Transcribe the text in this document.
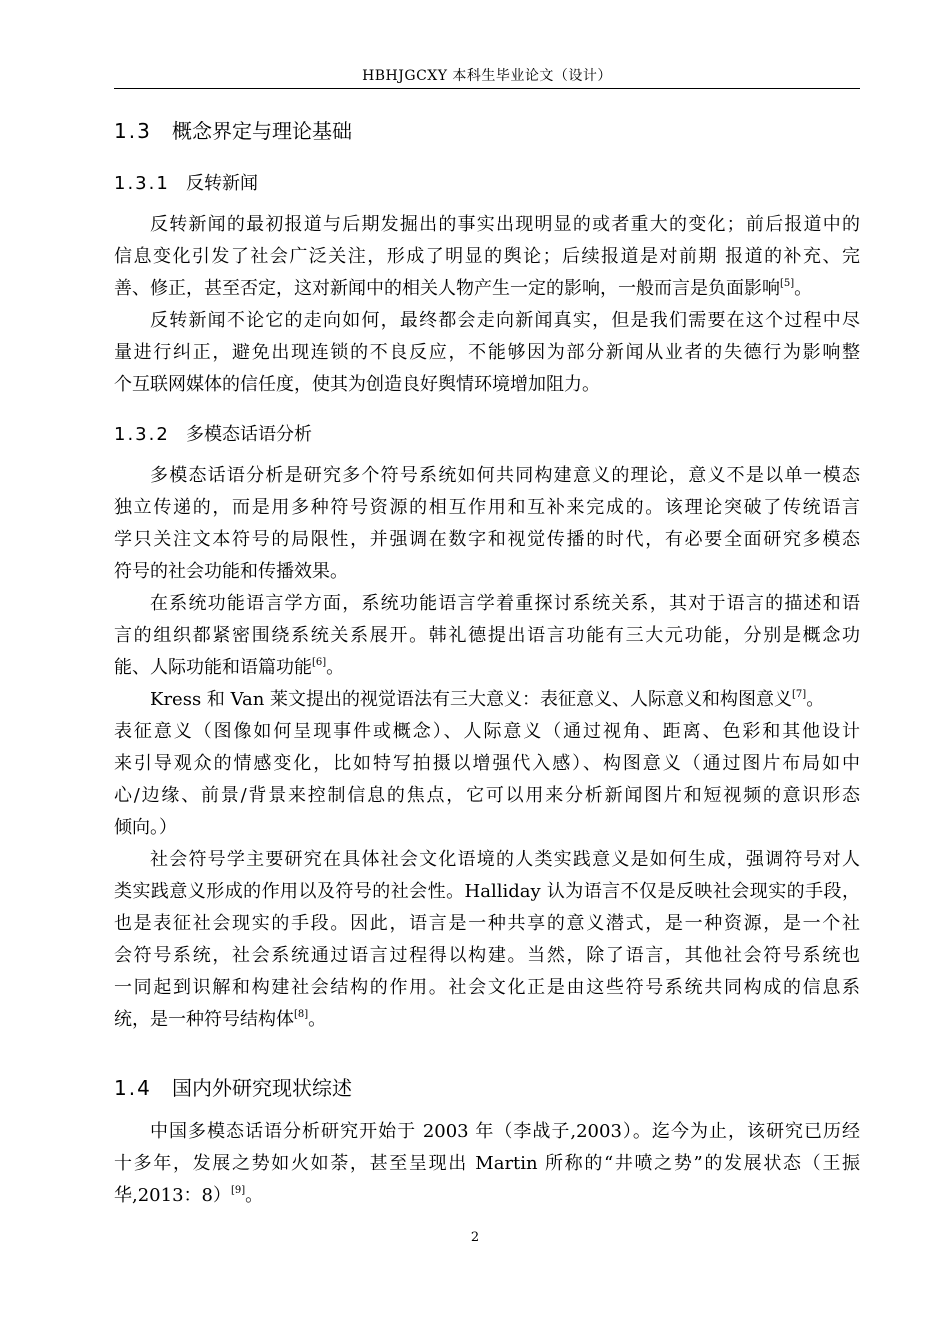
HBHJGCXY 本科生毕业论文（设计）
1.3 概念界定与理论基础
1.3.1 反转新闻
反转新闻的最初报道与后期发掘出的事实出现明显的或者重大的变化；前后报道中的
信息变化引发了社会广泛关注，形成了明显的舆论；后续报道是对前期 报道的补充、完
善、修正，甚至否定，这对新闻中的相关人物产生一定的影响，一般而言是负面影响[5]。
反转新闻不论它的走向如何，最终都会走向新闻真实，但是我们需要在这个过程中尽
量进行纠正，避免出现连锁的不良反应，不能够因为部分新闻从业者的失德行为影响整
个互联网媒体的信任度，使其为创造良好舆情环境增加阻力。
1.3.2 多模态话语分析
多模态话语分析是研究多个符号系统如何共同构建意义的理论，意义不是以单一模态
独立传递的，而是用多种符号资源的相互作用和互补来完成的。该理论突破了传统语言
学只关注文本符号的局限性，并强调在数字和视觉传播的时代，有必要全面研究多模态
符号的社会功能和传播效果。
在系统功能语言学方面，系统功能语言学着重探讨系统关系，其对于语言的描述和语
言的组织都紧密围绕系统关系展开。韩礼德提出语言功能有三大元功能，分别是概念功
能、人际功能和语篇功能[6]。
Kress 和 Van 莱文提出的视觉语法有三大意义：表征意义、人际意义和构图意义[7]。
表征意义（图像如何呈现事件或概念）、人际意义（通过视角、距离、色彩和其他设计
来引导观众的情感变化，比如特写拍摄以增强代入感）、构图意义（通过图片布局如中
心/边缘、前景/背景来控制信息的焦点，它可以用来分析新闻图片和短视频的意识形态
倾向。）
社会符号学主要研究在具体社会文化语境的人类实践意义是如何生成，强调符号对人
类实践意义形成的作用以及符号的社会性。Halliday 认为语言不仅是反映社会现实的手段，
也是表征社会现实的手段。因此，语言是一种共享的意义潜式，是一种资源，是一个社
会符号系统，社会系统通过语言过程得以构建。当然，除了语言，其他社会符号系统也
一同起到识解和构建社会结构的作用。社会文化正是由这些符号系统共同构成的信息系
统，是一种符号结构体[8]。
1.4 国内外研究现状综述
中国多模态话语分析研究开始于 2003 年（李战子,2003）。迄今为止，该研究已历经
十多年，发展之势如火如荼，甚至呈现出 Martin 所称的“井喷之势”的发展状态（王振
华,2013：8）[9]。
2
